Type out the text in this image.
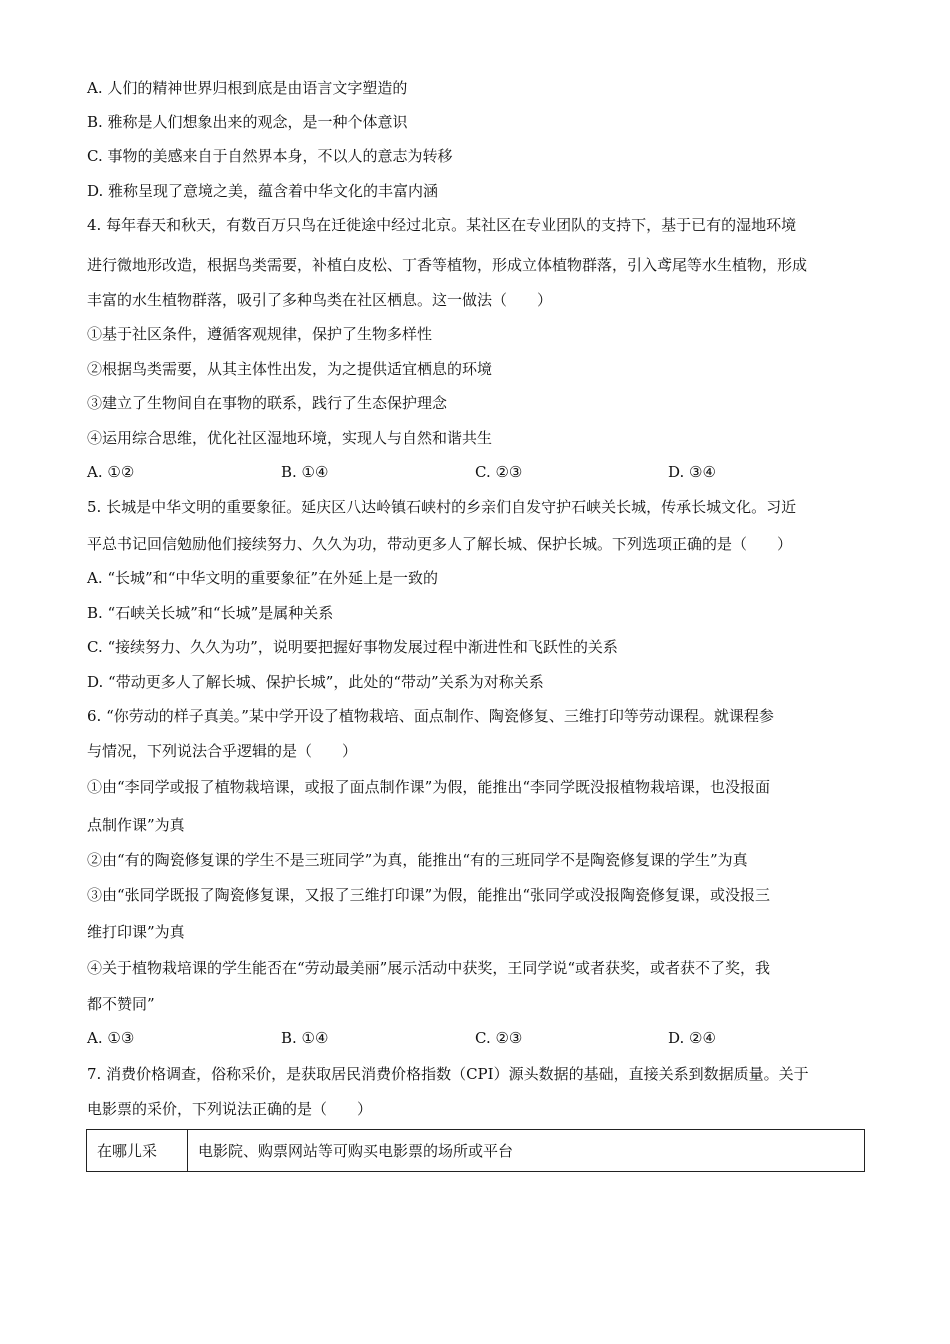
A. 人们的精神世界归根到底是由语言文字塑造的
B. 雅称是人们想象出来的观念，是一种个体意识
C. 事物的美感来自于自然界本身，不以人的意志为转移
D. 雅称呈现了意境之美，蕴含着中华文化的丰富内涵
4. 每年春天和秋天，有数百万只鸟在迁徙途中经过北京。某社区在专业团队的支持下，基于已有的湿地环境
进行微地形改造，根据鸟类需要，补植白皮松、丁香等植物，形成立体植物群落，引入鸢尾等水生植物，形成
丰富的水生植物群落，吸引了多种鸟类在社区栖息。这一做法（　　）
①基于社区条件，遵循客观规律，保护了生物多样性
②根据鸟类需要，从其主体性出发，为之提供适宜栖息的环境
③建立了生物间自在事物的联系，践行了生态保护理念
④运用综合思维，优化社区湿地环境，实现人与自然和谐共生
A. ①②	B. ①④	C. ②③	D. ③④
5. 长城是中华文明的重要象征。延庆区八达岭镇石峡村的乡亲们自发守护石峡关长城，传承长城文化。习近
平总书记回信勉励他们接续努力、久久为功，带动更多人了解长城、保护长城。下列选项正确的是（　　）
A. “长城”和“中华文明的重要象征”在外延上是一致的
B. “石峡关长城”和“长城”是属种关系
C. “接续努力、久久为功”，说明要把握好事物发展过程中渐进性和飞跃性的关系
D. “带动更多人了解长城、保护长城”，此处的“带动”关系为对称关系
6. “你劳动的样子真美。”某中学开设了植物栽培、面点制作、陶瓷修复、三维打印等劳动课程。就课程参
与情况，下列说法合乎逻辑的是（　　）
①由“李同学或报了植物栽培课，或报了面点制作课”为假，能推出“李同学既没报植物栽培课，也没报面
点制作课”为真
②由“有的陶瓷修复课的学生不是三班同学”为真，能推出“有的三班同学不是陶瓷修复课的学生”为真
③由“张同学既报了陶瓷修复课，又报了三维打印课”为假，能推出“张同学或没报陶瓷修复课，或没报三
维打印课”为真
④关于植物栽培课的学生能否在“劳动最美丽”展示活动中获奖，王同学说“或者获奖，或者获不了奖，我
都不赞同”
A. ①③	B. ①④	C. ②③	D. ②④
7. 消费价格调查，俗称采价，是获取居民消费价格指数（CPI）源头数据的基础，直接关系到数据质量。关于
电影票的采价，下列说法正确的是（　　）
在哪儿采	电影院、购票网站等可购买电影票的场所或平台
